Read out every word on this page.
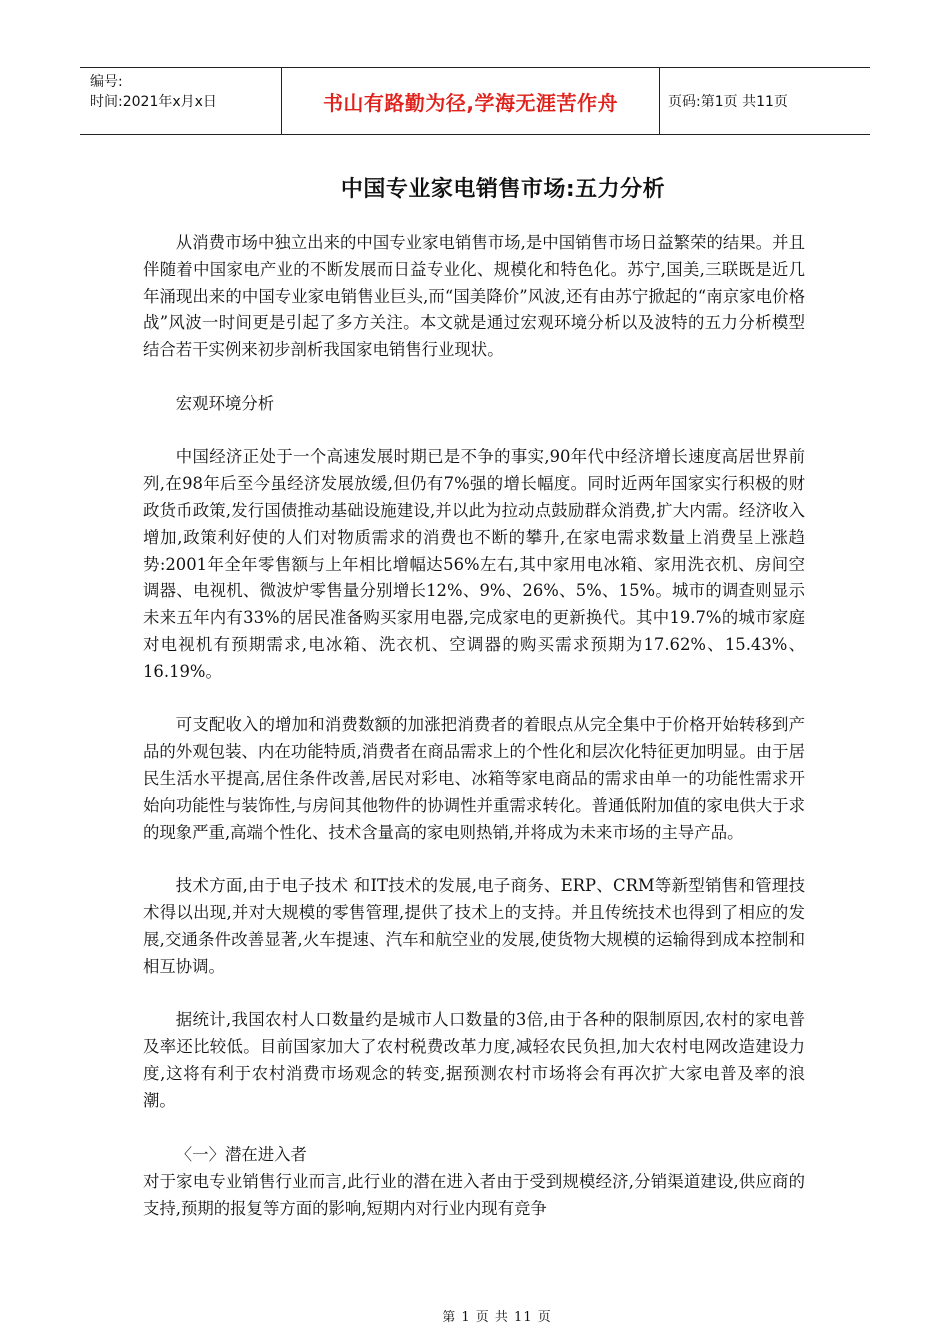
编号:
时间:2021年x月x日	书山有路勤为径,学海无涯苦作舟	页码:第1页 共11页
中国专业家电销售市场:五力分析

从消费市场中独立出来的中国专业家电销售市场,是中国销售市场日益繁荣的结果。并且伴随着中国家电产业的不断发展而日益专业化、规模化和特色化。苏宁,国美,三联既是近几年涌现出来的中国专业家电销售业巨头,而“国美降价”风波,还有由苏宁掀起的“南京家电价格战”风波一时间更是引起了多方关注。本文就是通过宏观环境分析以及波特的五力分析模型结合若干实例来初步剖析我国家电销售行业现状。

宏观环境分析

中国经济正处于一个高速发展时期已是不争的事实,90年代中经济增长速度高居世界前列,在98年后至今虽经济发展放缓,但仍有7%强的增长幅度。同时近两年国家实行积极的财政货币政策,发行国债推动基础设施建设,并以此为拉动点鼓励群众消费,扩大内需。经济收入增加,政策利好使的人们对物质需求的消费也不断的攀升,在家电需求数量上消费呈上涨趋势:2001年全年零售额与上年相比增幅达56%左右,其中家用电冰箱、家用洗衣机、房间空调器、电视机、微波炉零售量分别增长12%、9%、26%、5%、15%。城市的调查则显示未来五年内有33%的居民准备购买家用电器,完成家电的更新换代。其中19.7%的城市家庭对电视机有预期需求,电冰箱、洗衣机、空调器的购买需求预期为17.62%、15.43%、16.19%。

可支配收入的增加和消费数额的加涨把消费者的着眼点从完全集中于价格开始转移到产品的外观包装、内在功能特质,消费者在商品需求上的个性化和层次化特征更加明显。由于居民生活水平提高,居住条件改善,居民对彩电、冰箱等家电商品的需求由单一的功能性需求开始向功能性与装饰性,与房间其他物件的协调性并重需求转化。普通低附加值的家电供大于求的现象严重,高端个性化、技术含量高的家电则热销,并将成为未来市场的主导产品。

技术方面,由于电子技术 和IT技术的发展,电子商务、ERP、CRM等新型销售和管理技术得以出现,并对大规模的零售管理,提供了技术上的支持。并且传统技术也得到了相应的发展,交通条件改善显著,火车提速、汽车和航空业的发展,使货物大规模的运输得到成本控制和相互协调。

据统计,我国农村人口数量约是城市人口数量的3倍,由于各种的限制原因,农村的家电普及率还比较低。目前国家加大了农村税费改革力度,减轻农民负担,加大农村电网改造建设力度,这将有利于农村消费市场观念的转变,据预测农村市场将会有再次扩大家电普及率的浪潮。

〈一〉潜在进入者

对于家电专业销售行业而言,此行业的潜在进入者由于受到规模经济,分销渠道建设,供应商的支持,预期的报复等方面的影响,短期内对行业内现有竞争

第 1 页 共 11 页
